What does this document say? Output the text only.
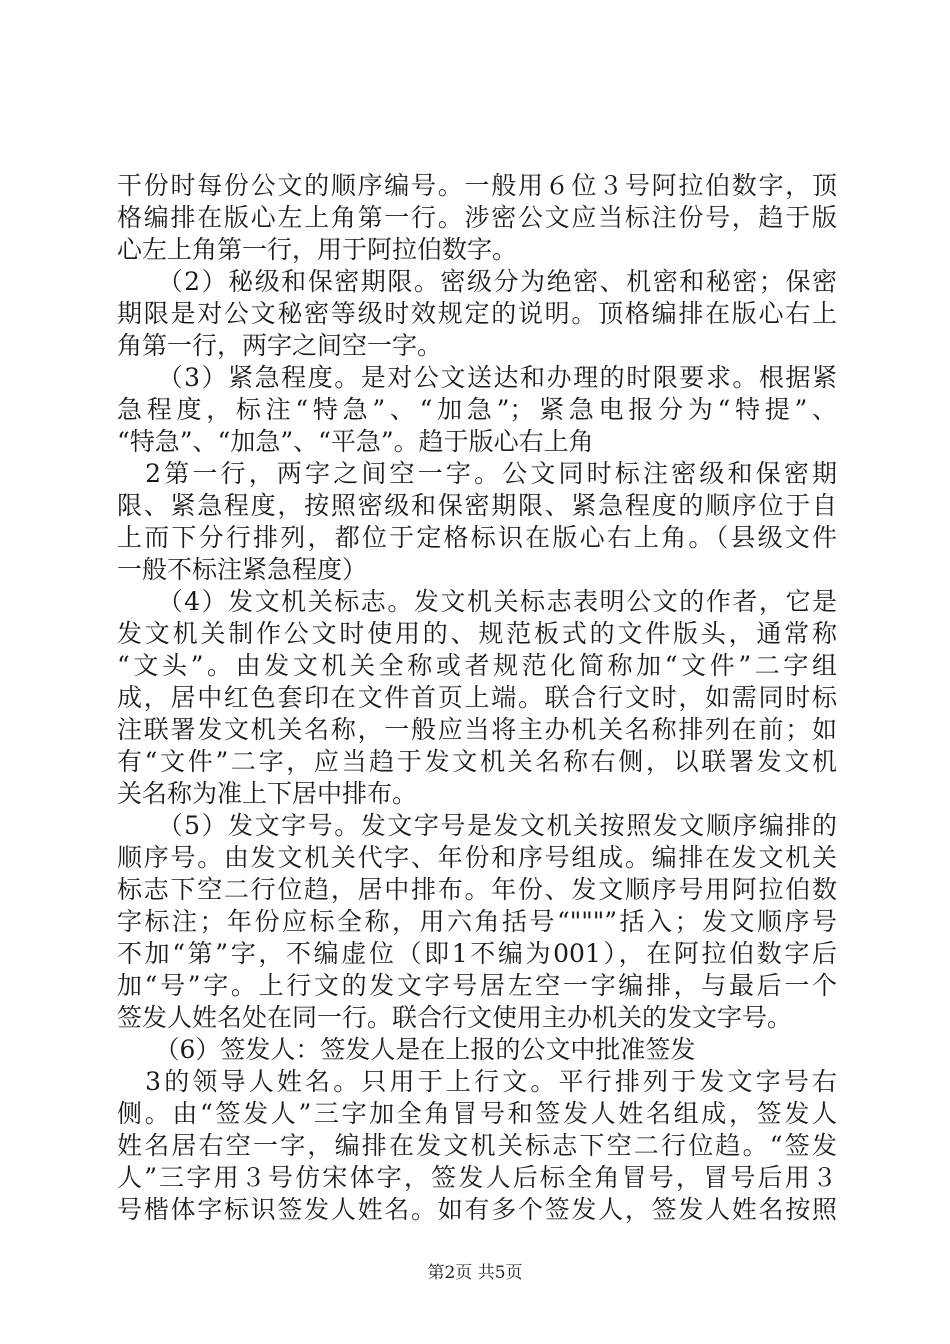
干份时每份公文的顺序编号。一般用６位３号阿拉伯数字，顶
格编排在版心左上角第一行。涉密公文应当标注份号，趋于版
心左上角第一行，用于阿拉伯数字。
　　（2）秘级和保密期限。密级分为绝密、机密和秘密；保密
期限是对公文秘密等级时效规定的说明。顶格编排在版心右上
角第一行，两字之间空一字。
　　（3）紧急程度。是对公文送达和办理的时限要求。根据紧
急程度，标注“特急”、“加急”；紧急电报分为“特提”、
“特急”、“加急”、“平急”。趋于版心右上角
　2第一行，两字之间空一字。公文同时标注密级和保密期
限、紧急程度，按照密级和保密期限、紧急程度的顺序位于自
上而下分行排列，都位于定格标识在版心右上角。（县级文件
一般不标注紧急程度）
　　（4）发文机关标志。发文机关标志表明公文的作者，它是
发文机关制作公文时使用的、规范板式的文件版头，通常称
“文头”。由发文机关全称或者规范化简称加“文件”二字组
成，居中红色套印在文件首页上端。联合行文时，如需同时标
注联署发文机关名称，一般应当将主办机关名称排列在前；如
有“文件”二字，应当趋于发文机关名称右侧，以联署发文机
关名称为准上下居中排布。
　　（5）发文字号。发文字号是发文机关按照发文顺序编排的
顺序号。由发文机关代字、年份和序号组成。编排在发文机关
标志下空二行位趋，居中排布。年份、发文顺序号用阿拉伯数
字标注；年份应标全称，用六角括号“"""”括入；发文顺序号
不加“第”字，不编虚位（即1不编为001），在阿拉伯数字后
加“号”字。上行文的发文字号居左空一字编排，与最后一个
签发人姓名处在同一行。联合行文使用主办机关的发文字号。
　　（6）签发人：签发人是在上报的公文中批准签发
　3的领导人姓名。只用于上行文。平行排列于发文字号右
侧。由“签发人”三字加全角冒号和签发人姓名组成，签发人
姓名居右空一字，编排在发文机关标志下空二行位趋。“签发
人”三字用３号仿宋体字，签发人后标全角冒号，冒号后用３
号楷体字标识签发人姓名。如有多个签发人，签发人姓名按照
第2页 共5页
